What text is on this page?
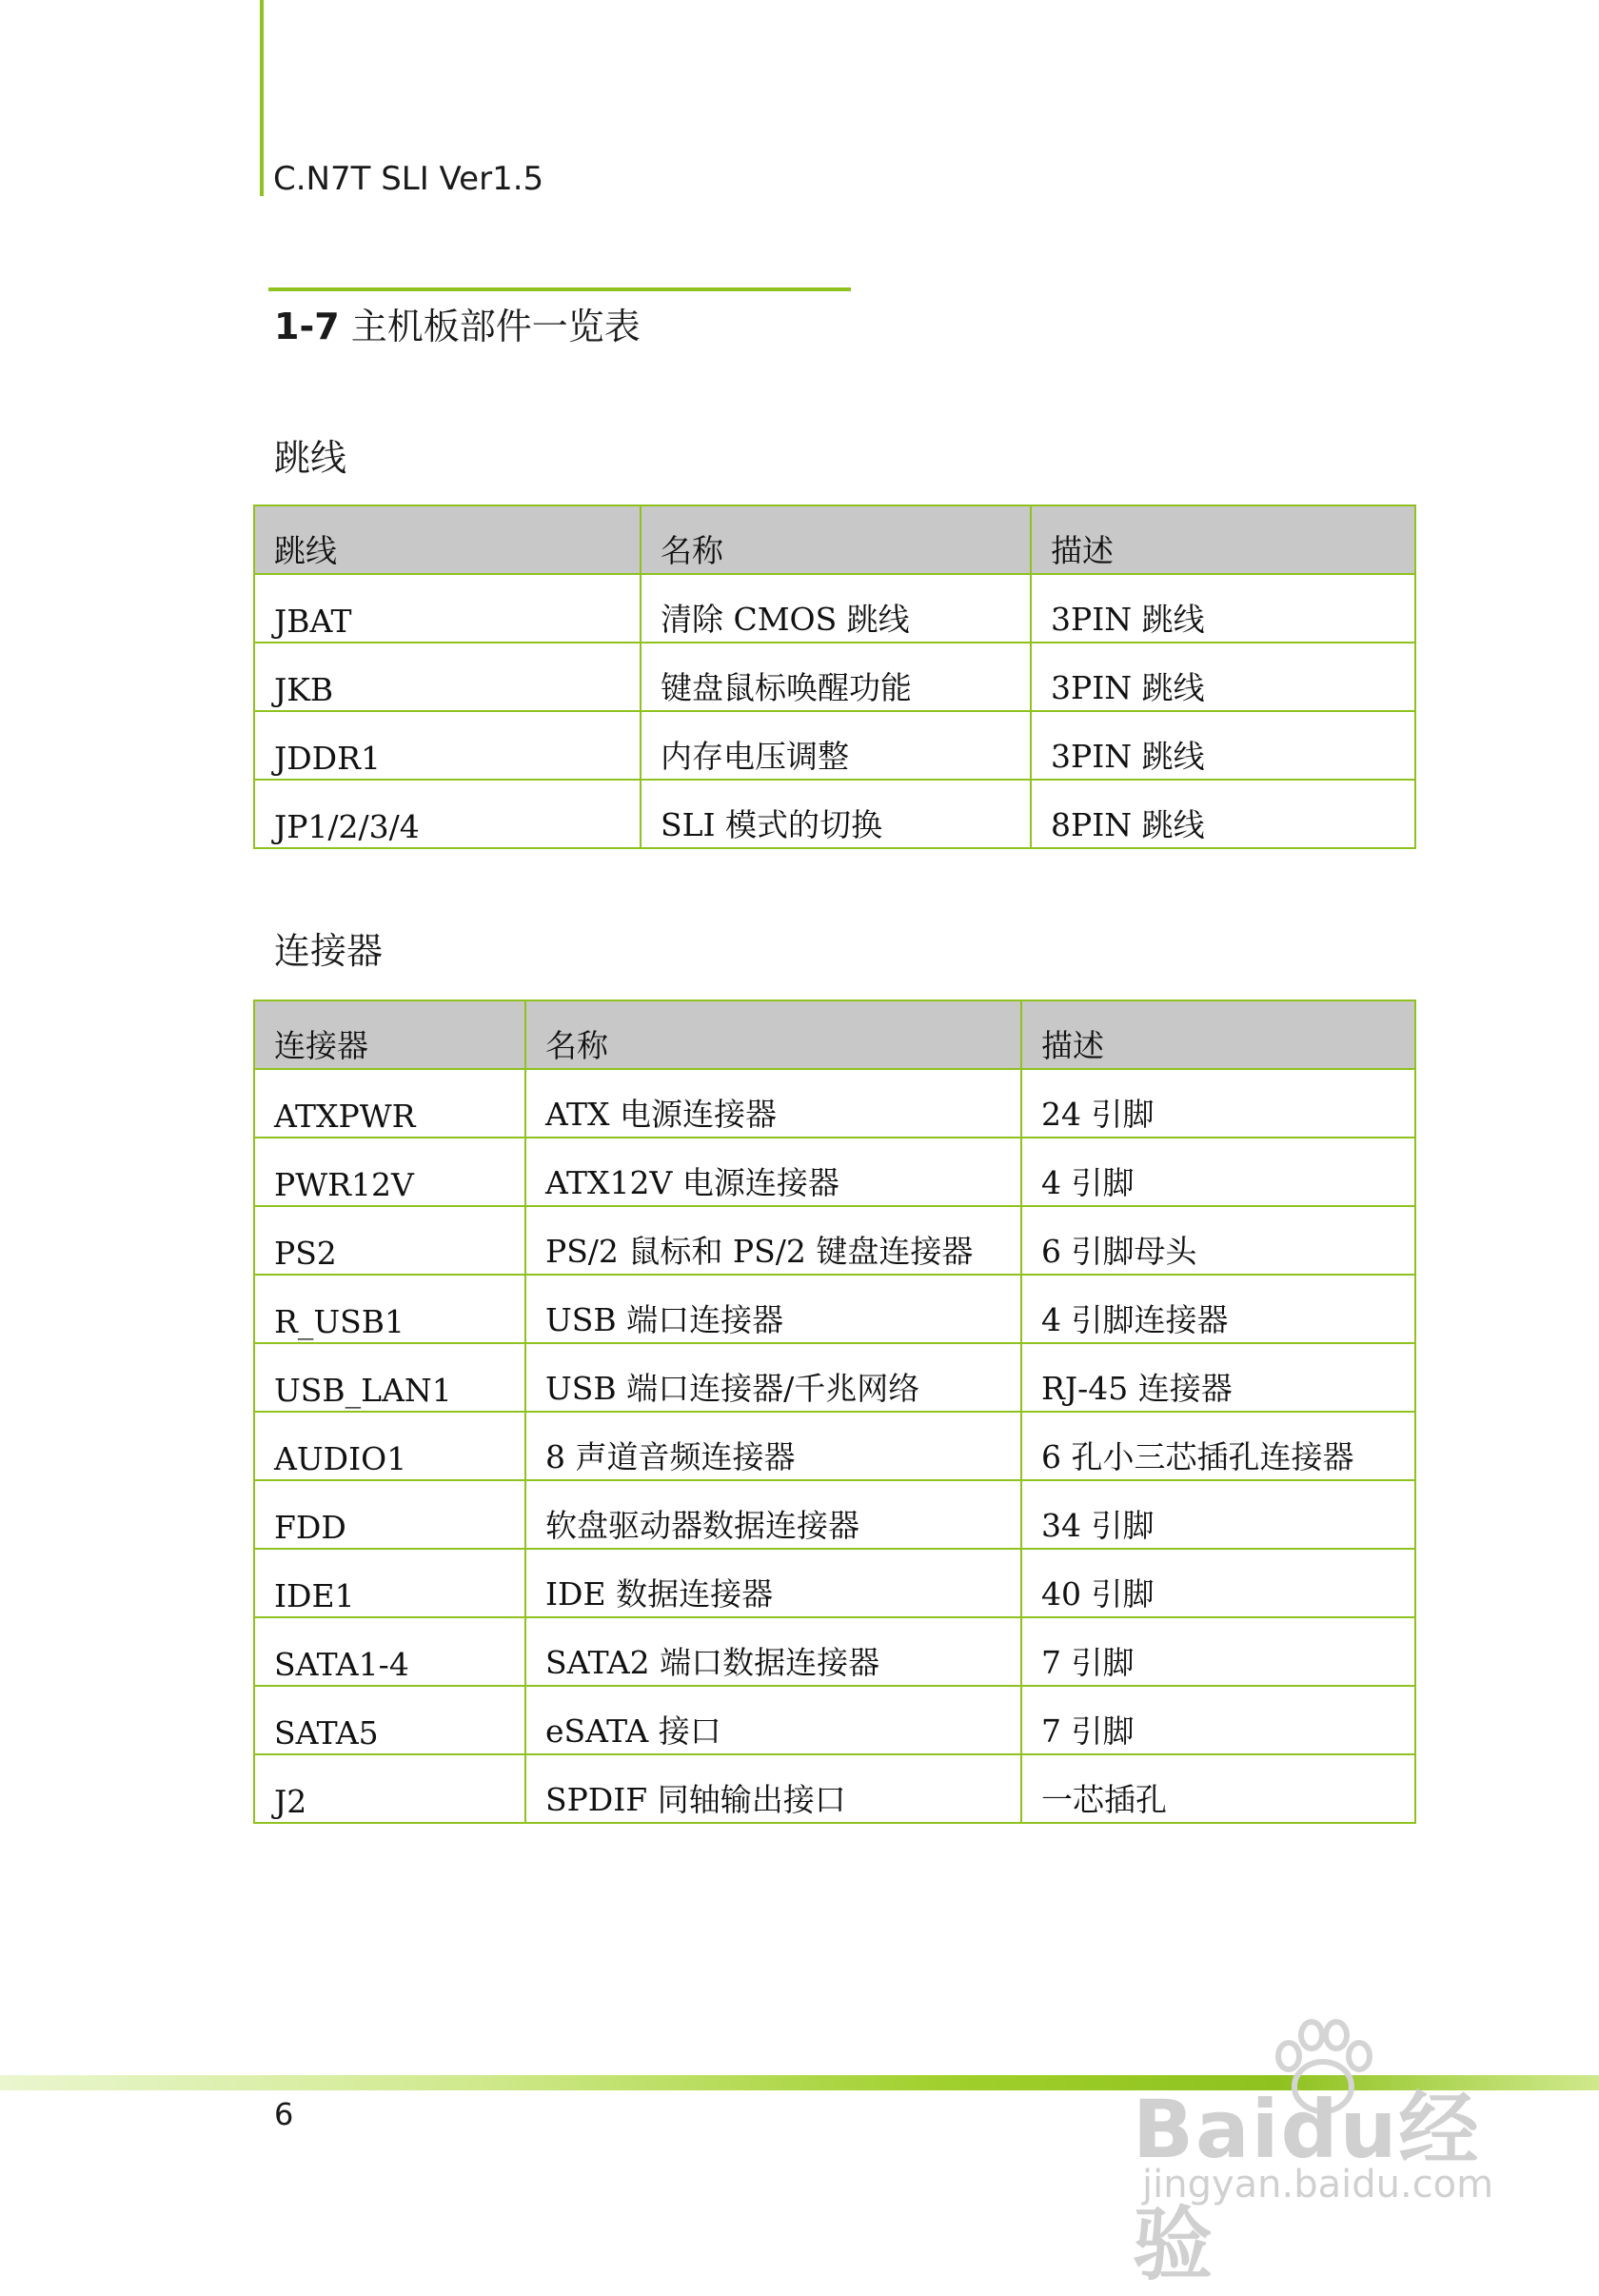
C.N7T SLI Ver1.5
1-7 主机板部件一览表
跳线
跳线	名称	描述
JBAT	清除 CMOS 跳线	3PIN 跳线
JKB	键盘鼠标唤醒功能	3PIN 跳线
JDDR1	内存电压调整	3PIN 跳线
JP1/2/3/4	SLI 模式的切换	8PIN 跳线
连接器
连接器	名称	描述
ATXPWR	ATX 电源连接器	24 引脚
PWR12V	ATX12V 电源连接器	4 引脚
PS2	PS/2 鼠标和 PS/2 键盘连接器	6 引脚母头
R_USB1	USB 端口连接器	4 引脚连接器
USB_LAN1	USB 端口连接器/千兆网络	RJ-45 连接器
AUDIO1	8 声道音频连接器	6 孔小三芯插孔连接器
FDD	软盘驱动器数据连接器	34 引脚
IDE1	IDE 数据连接器	40 引脚
SATA1-4	SATA2 端口数据连接器	7 引脚
SATA5	eSATA 接口	7 引脚
J2	SPDIF 同轴输出接口	一芯插孔
6	Baidu经验
jingyan.baidu.com
